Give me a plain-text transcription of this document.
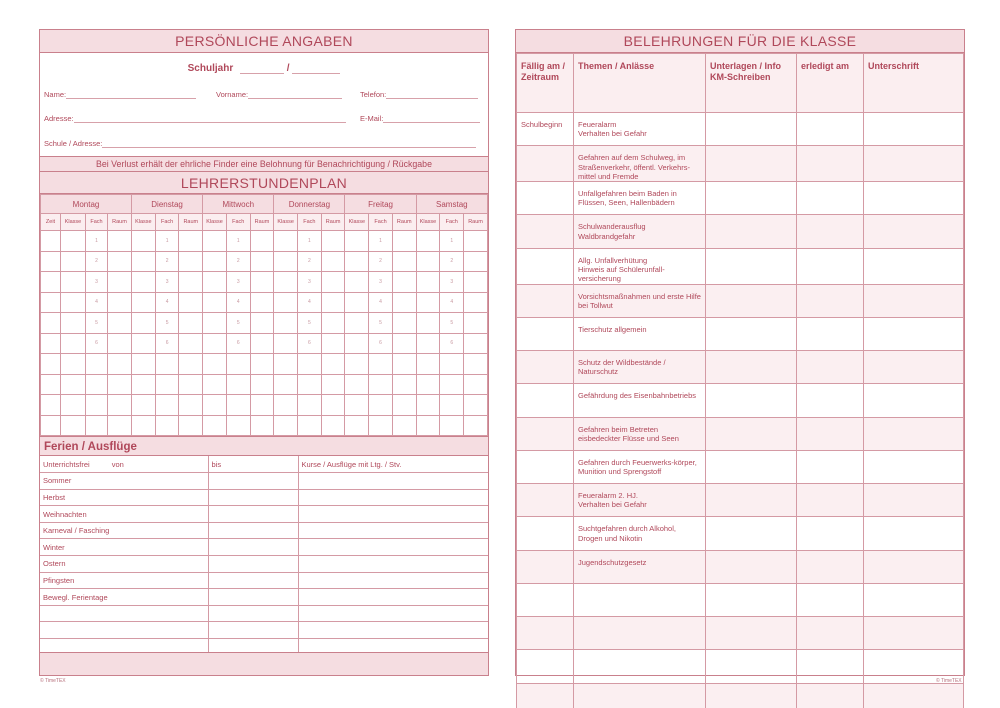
PERSÖNLICHE ANGABEN
Schuljahr	/
Name:	Vorname:	Telefon:
Adresse:	E-Mail:
Schule / Adresse:
Bei Verlust erhält der ehrliche Finder eine Belohnung für Benachrichtigung / Rückgabe
LEHRERSTUNDENPLAN
Montag				Dienstag			Mittwoch			Donnerstag			Freitag			Samstag		
Zeit	Klasse	Fach	Raum	Klasse	Fach	Raum	Klasse	Fach	Raum	Klasse	Fach	Raum	Klasse	Fach	Raum	Klasse	Fach	Raum
		1			1			1			1			1			1	
		2			2			2			2			2			2	
		3			3			3			3			3			3	
		4			4			4			4			4			4	
		5			5			5			5			5			5	
		6			6			6			6			6			6	

Ferien / Ausflüge
Unterrichtsfrei von	bis	Kurse / Ausflüge mit Ltg. / Stv.
Sommer		
Herbst		
Weihnachten		
Karneval / Fasching		
Winter		
Ostern		
Pfingsten		
Bewegl. Ferientage		

© TimeTEX
BELEHRUNGEN FÜR DIE KLASSE
Fällig am / Zeitraum	Themen / Anlässe	Unterlagen / Info KM-Schreiben	erledigt am	Unterschrift
Schulbeginn	Feueralarm
Verhalten bei Gefahr			
	Gefahren auf dem Schulweg, im Straßenverkehr, öffentl. Verkehrs-mittel und Fremde			
	Unfallgefahren beim Baden in Flüssen, Seen, Hallenbädern			
	Schulwanderausflug
Waldbrandgefahr			
	Allg. Unfallverhütung
Hinweis auf Schülerunfall-versicherung			
	Vorsichtsmaßnahmen und erste Hilfe bei Tollwut			
	Tierschutz allgemein			
	Schutz der Wildbestände / Naturschutz			
	Gefährdung des Eisenbahnbetriebs			
	Gefahren beim Betreten eisbedeckter Flüsse und Seen			
	Gefahren durch Feuerwerks-körper, Munition und Sprengstoff			
	Feueralarm 2. HJ.
Verhalten bei Gefahr			
	Suchtgefahren durch Alkohol, Drogen und Nikotin			
	Jugendschutzgesetz			

© TimeTEX
